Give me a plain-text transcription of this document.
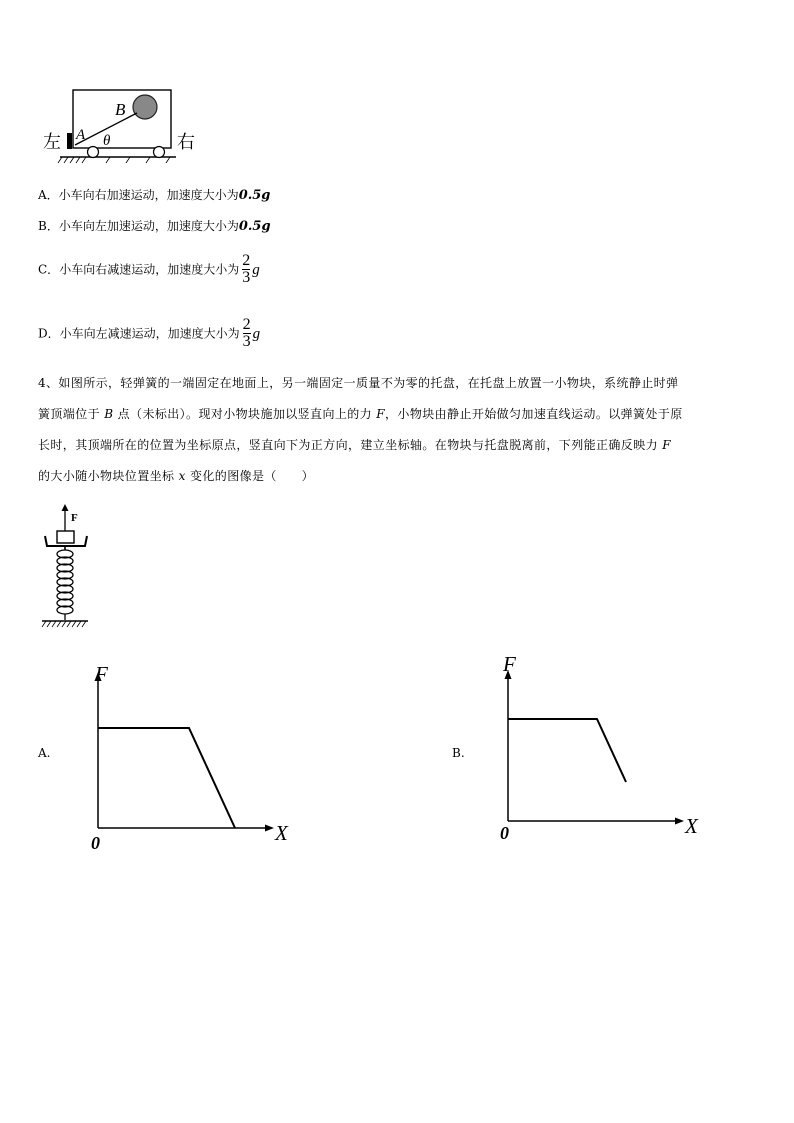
B
A θ
左	右
A．小车向右加速运动，加速度大小为0.5g
B．小车向左加速运动，加速度大小为0.5g
C．小车向右减速运动，加速度大小为 $\frac{2}{3}$ g
D．小车向左减速运动，加速度大小为 $\frac{2}{3}$ g
4、如图所示，轻弹簧的一端固定在地面上，另一端固定一质量不为零的托盘，在托盘上放置一小物块，系统静止时弹
簧顶端位于 B 点（未标出）。现对小物块施加以竖直向上的力 F，小物块由静止开始做匀加速直线运动。以弹簧处于原
长时，其顶端所在的位置为坐标原点，竖直向下为正方向，建立坐标轴。在物块与托盘脱离前，下列能正确反映力 F
的大小随小物块位置坐标 x 变化的图像是（　　）
F
A.
F
X
0
B.
F
X
0
